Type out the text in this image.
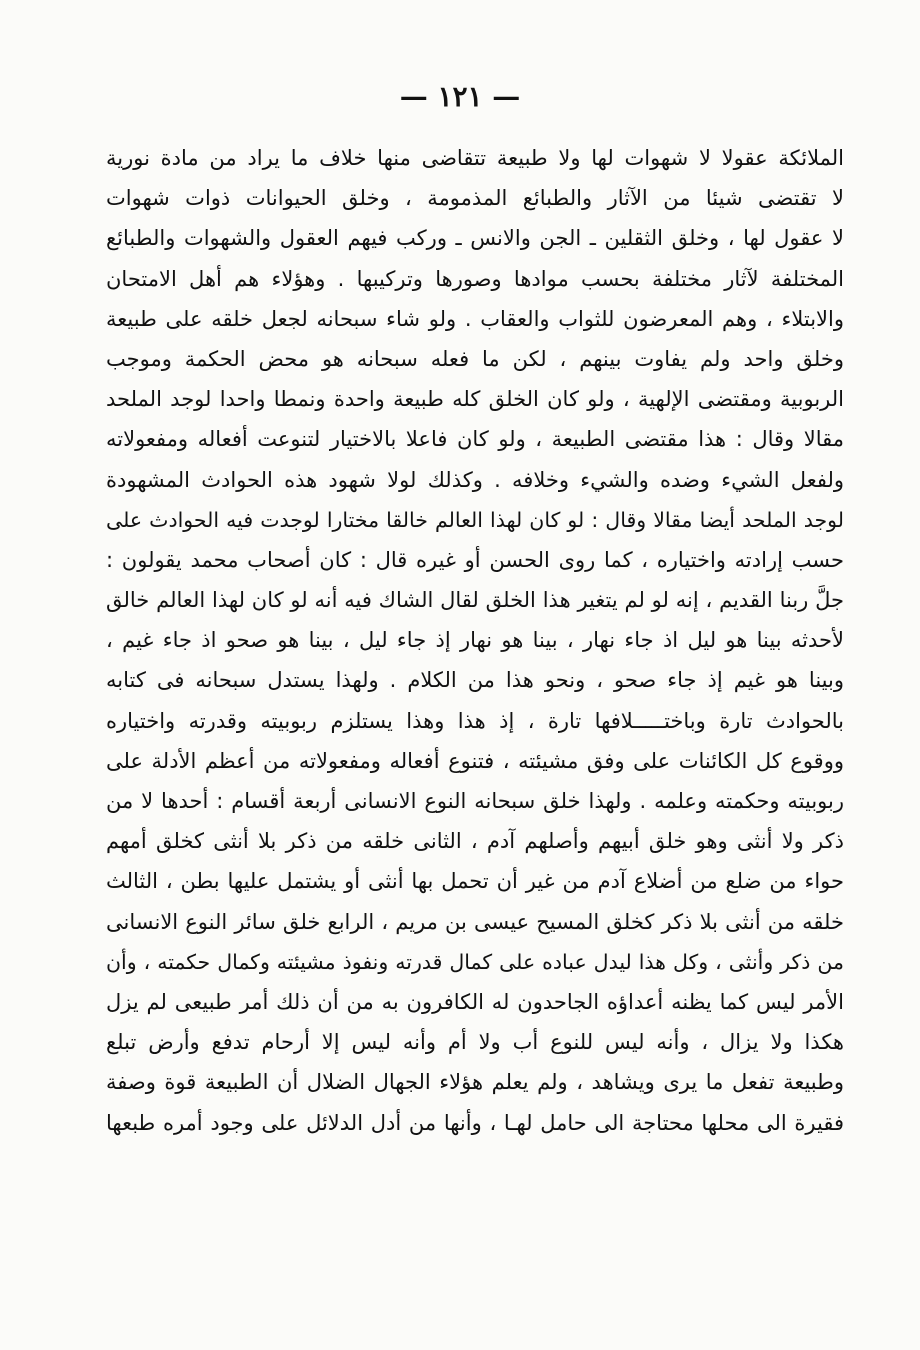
— ١٢١ —
الملائكة عقولا لا شهوات لها ولا طبيعة تتقاضى منها خلاف ما يراد من مادة نورية
لا تقتضى شيئا من الآثار والطبائع المذمومة ، وخلق الحيوانات ذوات شهوات
لا عقول لها ، وخلق الثقلين ـ الجن والانس ـ وركب فيهم العقول والشهوات والطبائع
المختلفة لآثار مختلفة بحسب موادها وصورها وتركيبها . وهؤلاء هم أهل الامتحان
والابتلاء ، وهم المعرضون للثواب والعقاب . ولو شاء سبحانه لجعل خلقه على طبيعة
وخلق واحد ولم يفاوت بينهم ، لكن ما فعله سبحانه هو محض الحكمة وموجب
الربوبية ومقتضى الإلهية ، ولو كان الخلق كله طبيعة واحدة ونمطا واحدا لوجد الملحد
مقالا وقال : هذا مقتضى الطبيعة ، ولو كان فاعلا بالاختيار لتنوعت أفعاله ومفعولاته
ولفعل الشيء وضده والشيء وخلافه . وكذلك لولا شهود هذه الحوادث المشهودة
لوجد الملحد أيضا مقالا وقال : لو كان لهذا العالم خالقا مختارا لوجدت فيه الحوادث على
حسب إرادته واختياره ، كما روى الحسن أو غيره قال : كان أصحاب محمد يقولون :
جلَّ ربنا القديم ، إنه لو لم يتغير هذا الخلق لقال الشاك فيه أنه لو كان لهذا العالم خالق
لأحدثه بينا هو ليل اذ جاء نهار ، بينا هو نهار إذ جاء ليل ، بينا هو صحو اذ جاء غيم ،
وبينا هو غيم إذ جاء صحو ، ونحو هذا من الكلام . ولهذا يستدل سبحانه فى كتابه
بالحوادث تارة وباختـــــلافها تارة ، إذ هذا وهذا يستلزم ربوبيته وقدرته واختياره
ووقوع كل الكائنات على وفق مشيئته ، فتنوع أفعاله ومفعولاته من أعظم الأدلة على
ربوبيته وحكمته وعلمه . ولهذا خلق سبحانه النوع الانسانى أربعة أقسام : أحدها لا من
ذكر ولا أنثى وهو خلق أبيهم وأصلهم آدم ، الثانى خلقه من ذكر بلا أنثى كخلق أمهم
حواء من ضلع من أضلاع آدم من غير أن تحمل بها أنثى أو يشتمل عليها بطن ، الثالث
خلقه من أنثى بلا ذكر كخلق المسيح عيسى بن مريم ، الرابع خلق سائر النوع الانسانى
من ذكر وأنثى ، وكل هذا ليدل عباده على كمال قدرته ونفوذ مشيئته وكمال حكمته ، وأن
الأمر ليس كما يظنه أعداؤه الجاحدون له الكافرون به من أن ذلك أمر طبيعى لم يزل
هكذا ولا يزال ، وأنه ليس للنوع أب ولا أم وأنه ليس إلا أرحام تدفع وأرض تبلع
وطبيعة تفعل ما يرى ويشاهد ، ولم يعلم هؤلاء الجهال الضلال أن الطبيعة قوة وصفة
فقيرة الى محلها محتاجة الى حامل لهـا ، وأنها من أدل الدلائل على وجود أمره طبعها
